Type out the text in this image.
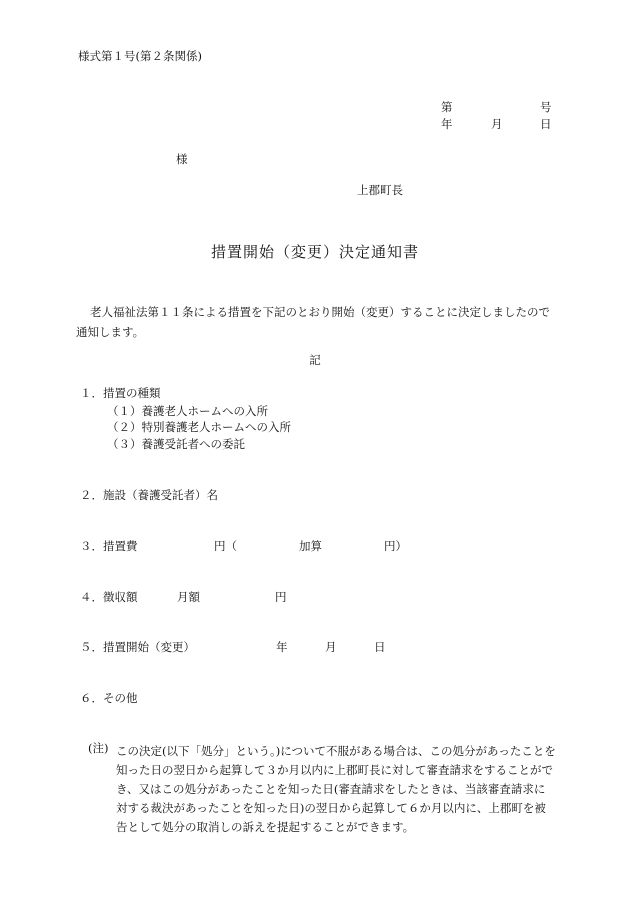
様式第１号(第２条関係)
第	号
年	月	日
様
上郡町長
措置開始（変更）決定通知書
老人福祉法第１１条による措置を下記のとおり開始（変更）することに決定しましたので通知します。
記
１．措置の種類
（１）養護老人ホームへの入所
（２）特別養護老人ホームへの入所
（３）養護受託者への委託
２．施設（養護受託者）名
３．措置費	円（	加算	円）
４．徴収額	月額	円
５．措置開始（変更）	年	月	日
６．その他
(注) この決定(以下「処分」という。)について不服がある場合は、この処分があったことを知った日の翌日から起算して３か月以内に上郡町長に対して審査請求をすることができ、又はこの処分があったことを知った日(審査請求をしたときは、当該審査請求に対する裁決があったことを知った日)の翌日から起算して６か月以内に、上郡町を被告として処分の取消しの訴えを提起することができます。
